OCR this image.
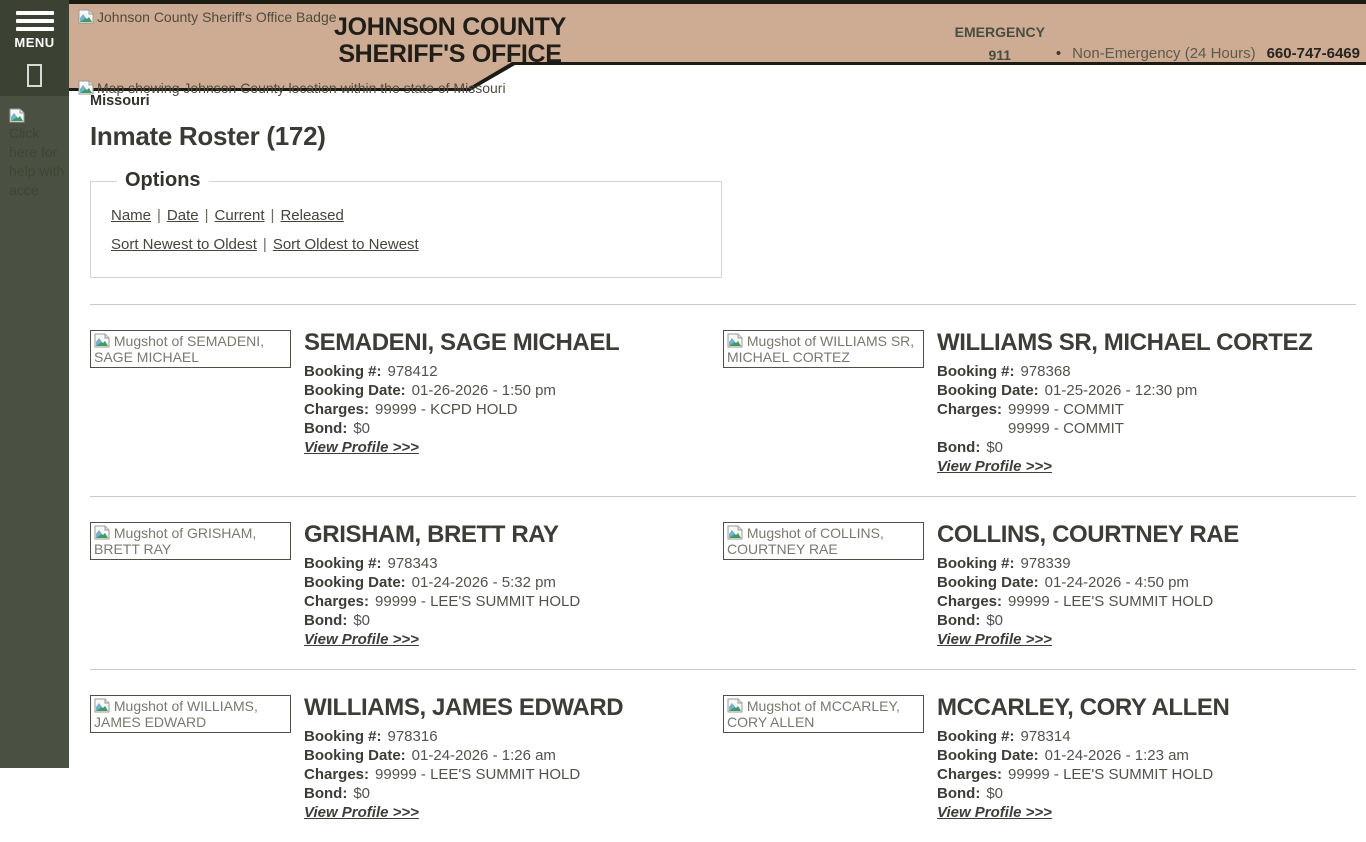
MENU
Click here for help with acce
Johnson County Sheriff's Office Badge
JOHNSON COUNTY
SHERIFF'S OFFICE
EMERGENCY
911	• Non-Emergency (24 Hours) 660-747-6469
Map showing Johnson County location within the state of Missouri
Missouri
Inmate Roster (172)
Options
Name | Date | Current | Released
Sort Newest to Oldest | Sort Oldest to Newest
Mugshot of SEMADENI, SAGE MICHAEL
SEMADENI, SAGE MICHAEL
Booking #: 978412
Booking Date: 01-26-2026 - 1:50 pm
Charges: 99999 - KCPD HOLD
Bond: $0
View Profile >>>
Mugshot of WILLIAMS SR, MICHAEL CORTEZ
WILLIAMS SR, MICHAEL CORTEZ
Booking #: 978368
Booking Date: 01-25-2026 - 12:30 pm
Charges: 99999 - COMMIT
99999 - COMMIT
Bond: $0
View Profile >>>
Mugshot of GRISHAM, BRETT RAY
GRISHAM, BRETT RAY
Booking #: 978343
Booking Date: 01-24-2026 - 5:32 pm
Charges: 99999 - LEE'S SUMMIT HOLD
Bond: $0
View Profile >>>
Mugshot of COLLINS, COURTNEY RAE
COLLINS, COURTNEY RAE
Booking #: 978339
Booking Date: 01-24-2026 - 4:50 pm
Charges: 99999 - LEE'S SUMMIT HOLD
Bond: $0
View Profile >>>
Mugshot of WILLIAMS, JAMES EDWARD
WILLIAMS, JAMES EDWARD
Booking #: 978316
Booking Date: 01-24-2026 - 1:26 am
Charges: 99999 - LEE'S SUMMIT HOLD
Bond: $0
View Profile >>>
Mugshot of MCCARLEY, CORY ALLEN
MCCARLEY, CORY ALLEN
Booking #: 978314
Booking Date: 01-24-2026 - 1:23 am
Charges: 99999 - LEE'S SUMMIT HOLD
Bond: $0
View Profile >>>
